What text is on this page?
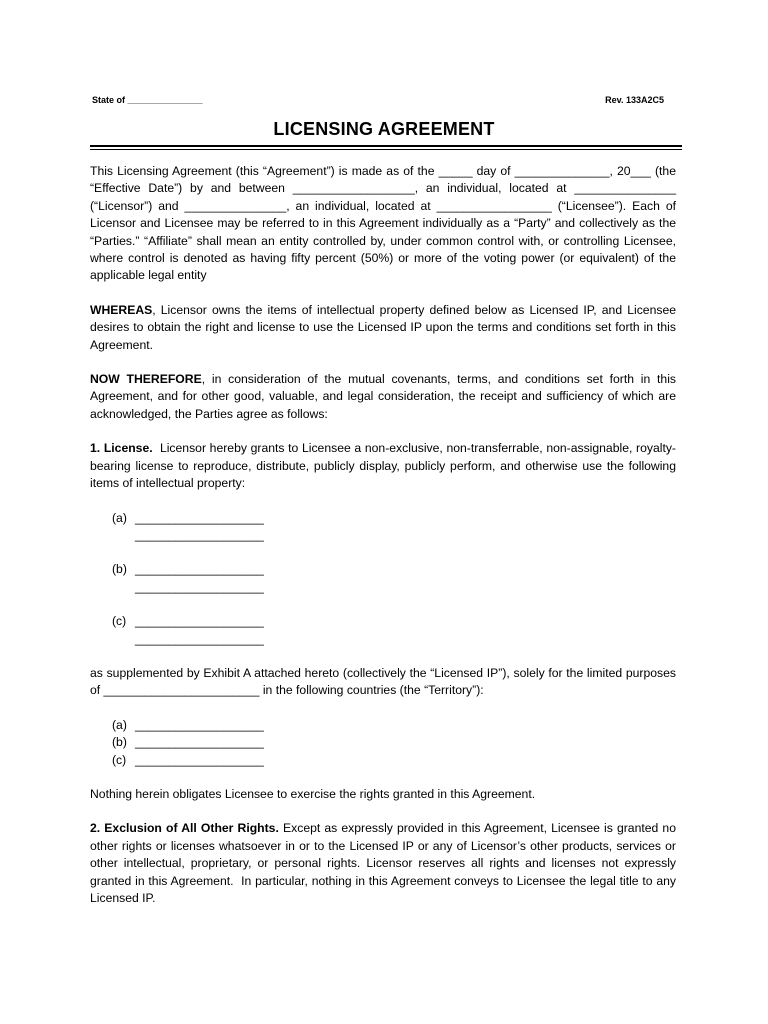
State of _______________	Rev. 133A2C5
LICENSING AGREEMENT

This Licensing Agreement (this “Agreement”) is made as of the _____ day of ______________, 20___ (the “Effective Date”) by and between __________________, an individual, located at _______________ (“Licensor”) and _______________, an individual, located at _________________ (“Licensee”). Each of Licensor and Licensee may be referred to in this Agreement individually as a “Party” and collectively as the “Parties.” “Affiliate” shall mean an entity controlled by, under common control with, or controlling Licensee, where control is denoted as having fifty percent (50%) or more of the voting power (or equivalent) of the applicable legal entity

WHEREAS, Licensor owns the items of intellectual property defined below as Licensed IP, and Licensee desires to obtain the right and license to use the Licensed IP upon the terms and conditions set forth in this Agreement.

NOW THEREFORE, in consideration of the mutual covenants, terms, and conditions set forth in this Agreement, and for other good, valuable, and legal consideration, the receipt and sufficiency of which are acknowledged, the Parties agree as follows:

1. License.  Licensor hereby grants to Licensee a non-exclusive, non-transferrable, non-assignable, royalty-bearing license to reproduce, distribute, publicly display, publicly perform, and otherwise use the following items of intellectual property:

(a) ___________________
___________________
(b) ___________________
___________________
(c) ___________________
___________________

as supplemented by Exhibit A attached hereto (collectively the “Licensed IP”), solely for the limited purposes of _______________________ in the following countries (the “Territory”):

(a) ___________________
(b) ___________________
(c) ___________________

Nothing herein obligates Licensee to exercise the rights granted in this Agreement.

2. Exclusion of All Other Rights. Except as expressly provided in this Agreement, Licensee is granted no other rights or licenses whatsoever in or to the Licensed IP or any of Licensor’s other products, services or other intellectual, proprietary, or personal rights. Licensor reserves all rights and licenses not expressly granted in this Agreement.  In particular, nothing in this Agreement conveys to Licensee the legal title to any Licensed IP.
